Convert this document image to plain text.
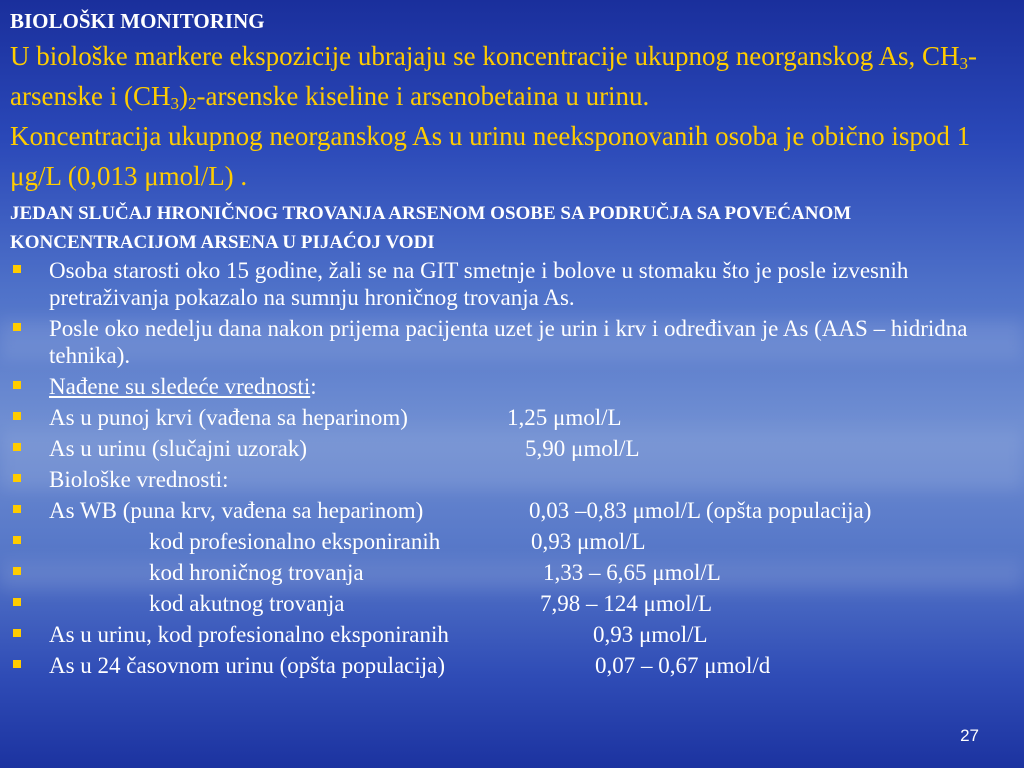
BIOLOŠKI MONITORING
U biološke markere ekspozicije ubrajaju se koncentracije ukupnog neorganskog As, $CH_3$-arsenske i $(CH_3)_2$-arsenske kiseline i arsenobetaina u urinu.
Koncentracija ukupnog neorganskog As u urinu neeksponovanih osoba je obično ispod 1 μg/L (0,013 μmol/L) .
JEDAN SLUČAJ HRONIČNOG TROVANJA ARSENOM OSOBE SA PODRUČJA SA POVEĆANOM KONCENTRACIJOM ARSENA U PIJAĆOJ VODI
Osoba starosti oko 15 godine, žali se na GIT smetnje i bolove u stomaku što je posle izvesnih pretraživanja pokazalo na sumnju hroničnog trovanja As.
Posle oko nedelju dana nakon prijema pacijenta uzet je urin i krv i određivan je As (AAS – hidridna tehnika).
Nađene su sledeće vrednosti:
As u punoj krvi (vađena sa heparinom)	1,25 μmol/L
As u urinu (slučajni uzorak)	5,90 μmol/L
Biološke vrednosti:
As WB (puna krv, vađena sa heparinom)	0,03 –0,83 μmol/L (opšta populacija)
kod profesionalno eksponiranih	0,93 μmol/L
kod hroničnog trovanja	1,33 – 6,65 μmol/L
kod akutnog trovanja	7,98 – 124 μmol/L
As u urinu, kod profesionalno eksponiranih	0,93 μmol/L
As u 24 časovnom urinu (opšta populacija)	0,07 – 0,67 μmol/d
27
